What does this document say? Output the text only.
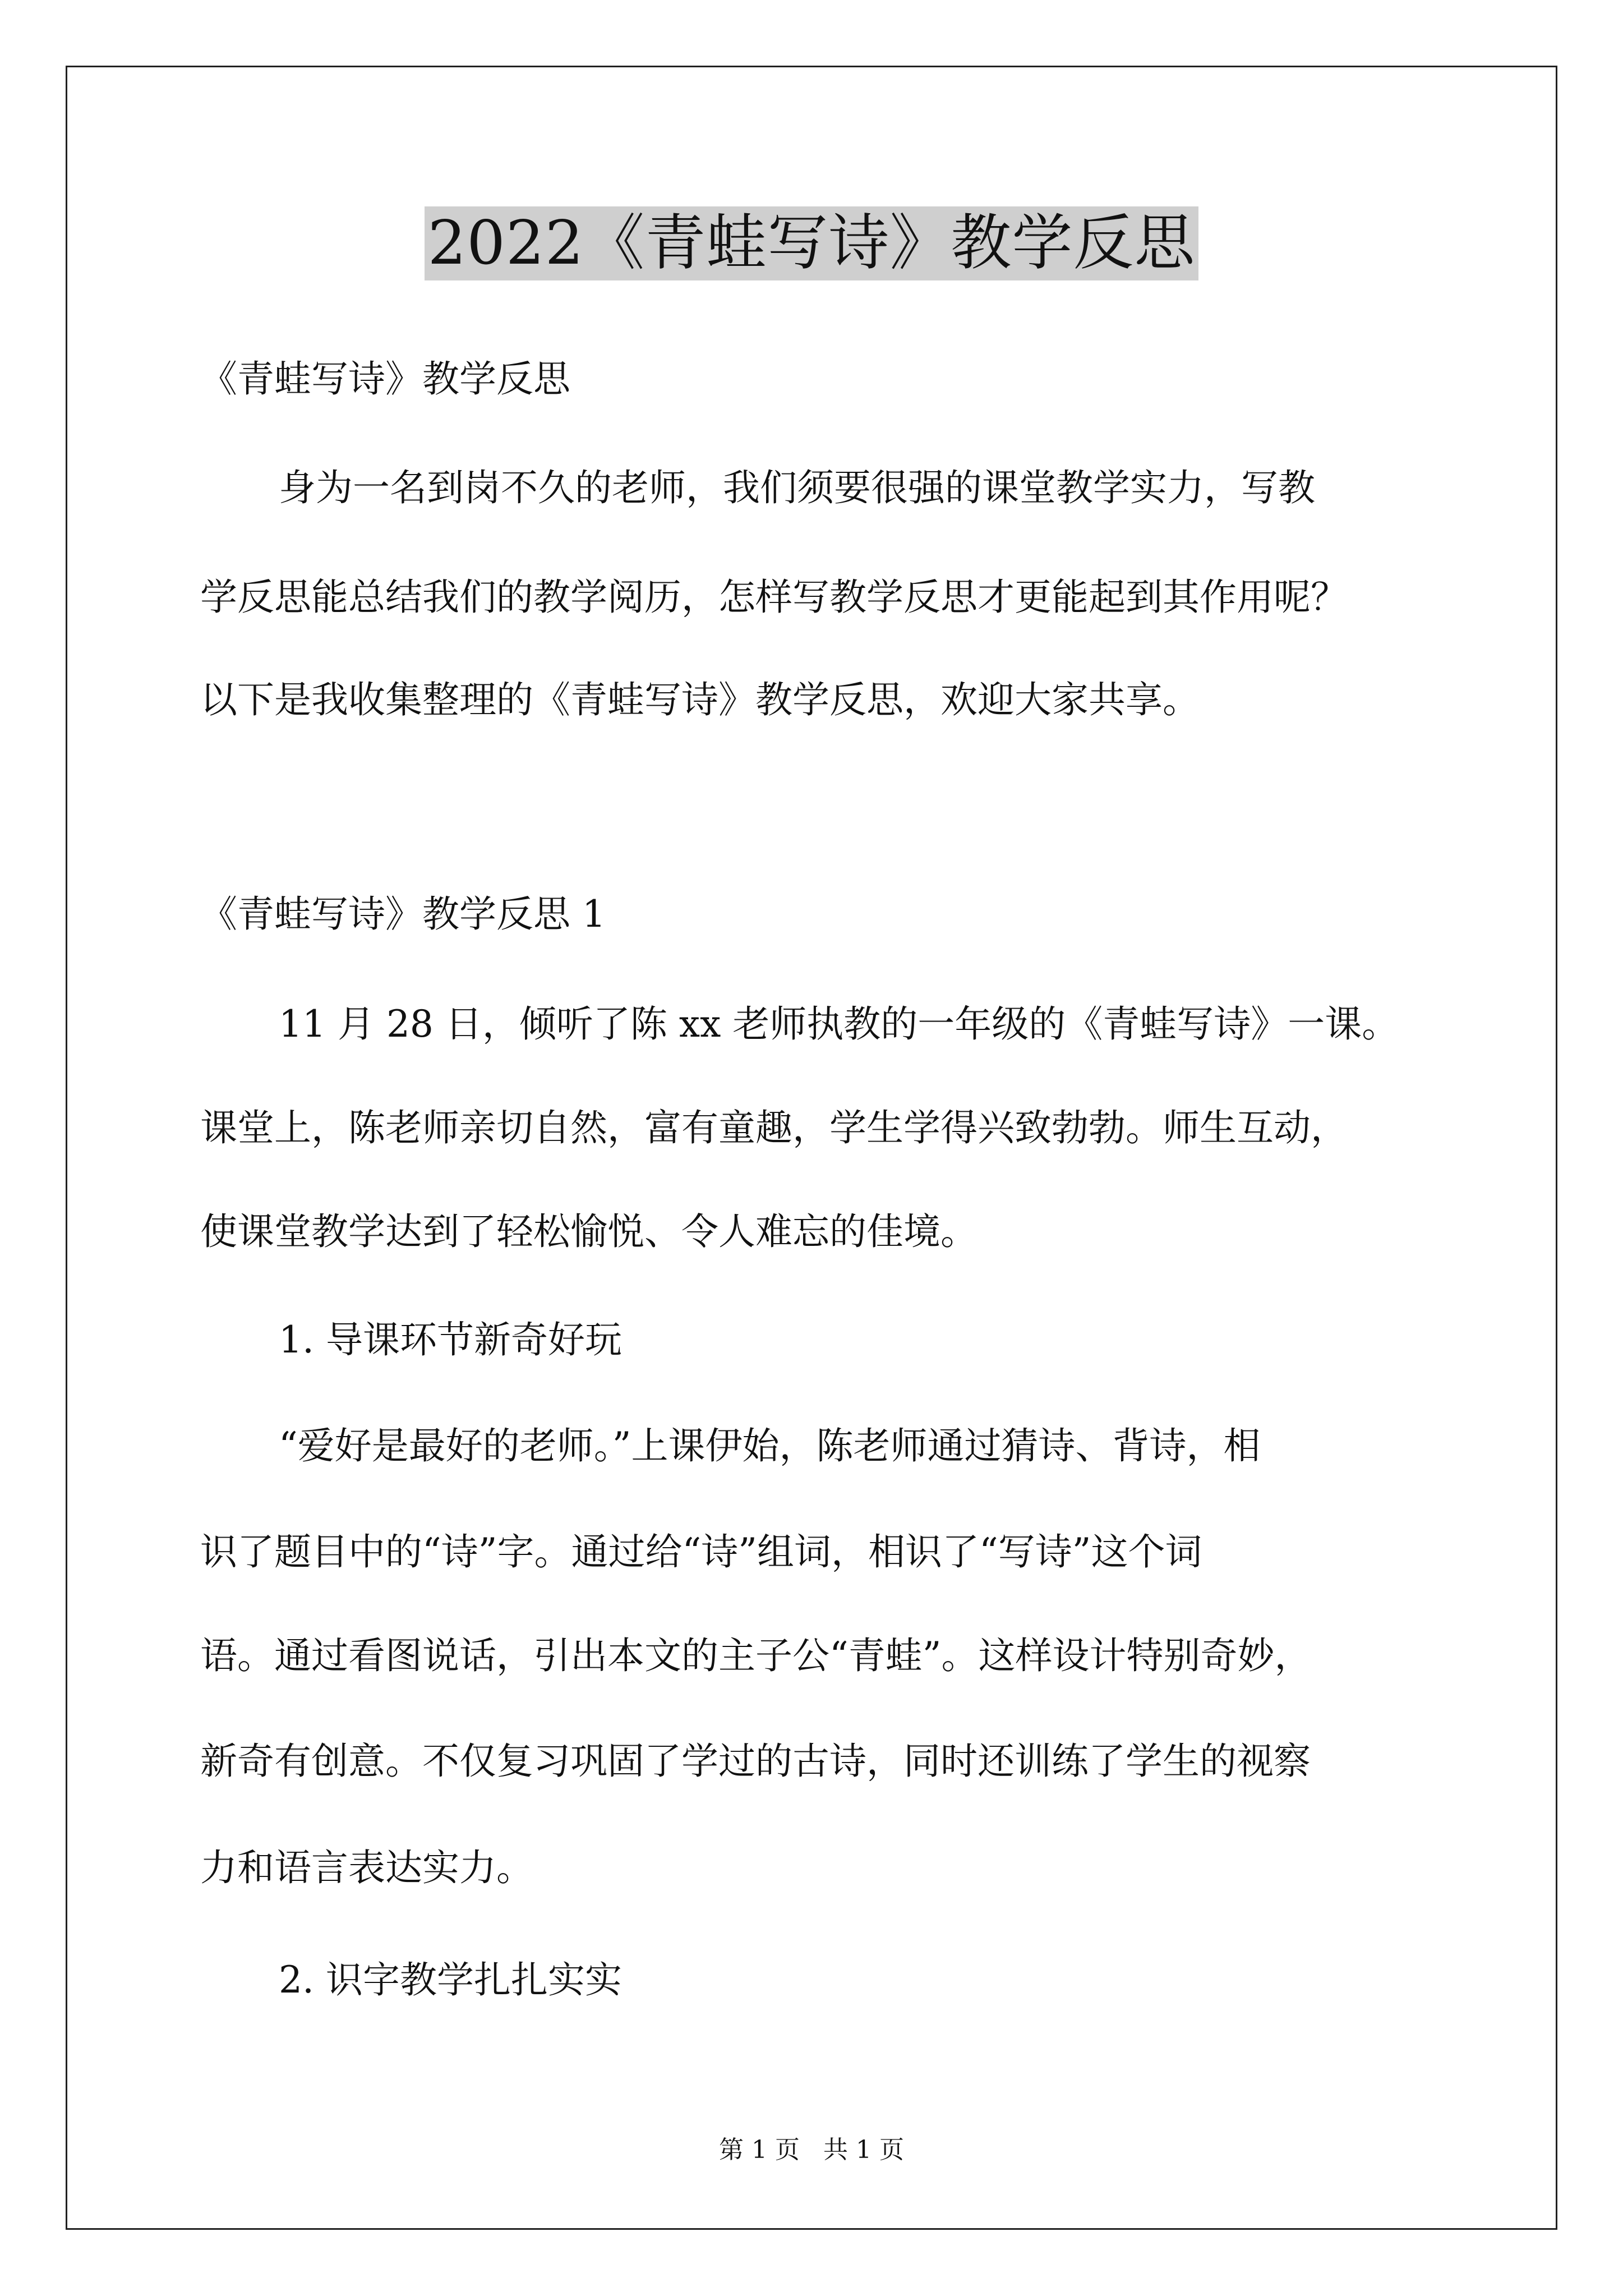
2022《青蛙写诗》教学反思
《青蛙写诗》教学反思
身为一名到岗不久的老师，我们须要很强的课堂教学实力，写教
学反思能总结我们的教学阅历，怎样写教学反思才更能起到其作用呢？
以下是我收集整理的《青蛙写诗》教学反思，欢迎大家共享。
《青蛙写诗》教学反思 1
11 月 28 日，倾听了陈 xx 老师执教的一年级的《青蛙写诗》一课。
课堂上，陈老师亲切自然，富有童趣，学生学得兴致勃勃。师生互动，
使课堂教学达到了轻松愉悦、令人难忘的佳境。
1. 导课环节新奇好玩
“爱好是最好的老师。”上课伊始，陈老师通过猜诗、背诗，相
识了题目中的“诗”字。通过给“诗”组词，相识了“写诗”这个词
语。通过看图说话，引出本文的主子公“青蛙”。这样设计特别奇妙，
新奇有创意。不仅复习巩固了学过的古诗，同时还训练了学生的视察
力和语言表达实力。
2. 识字教学扎扎实实
第 1 页   共 1 页
